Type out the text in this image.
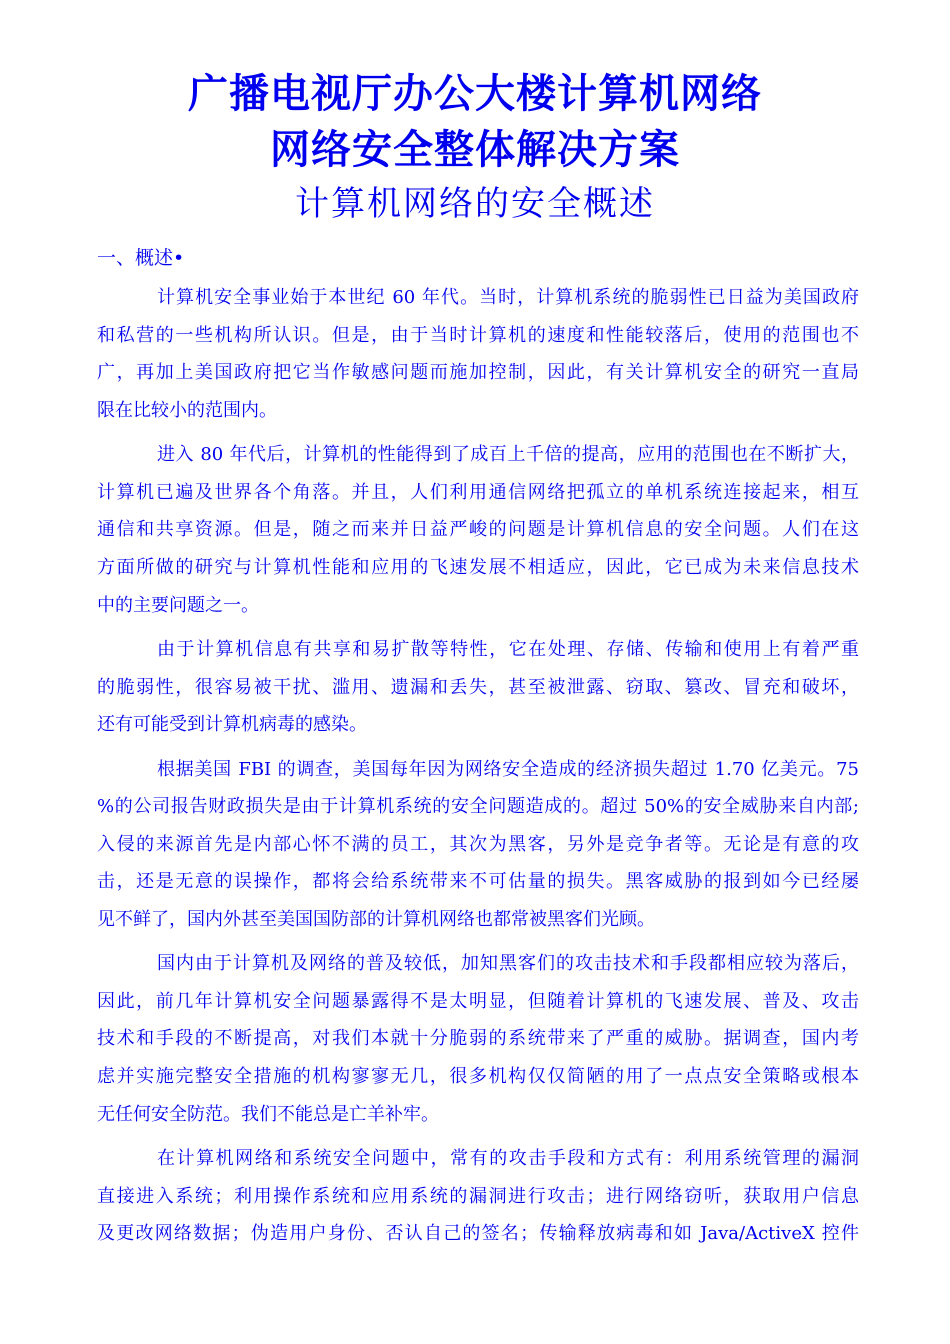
广播电视厅办公大楼计算机网络
网络安全整体解决方案
计算机网络的安全概述
一、概述•
计算机安全事业始于本世纪 60 年代。当时，计算机系统的脆弱性已日益为美国政府
和私营的一些机构所认识。但是，由于当时计算机的速度和性能较落后，使用的范围也不
广，再加上美国政府把它当作敏感问题而施加控制，因此，有关计算机安全的研究一直局
限在比较小的范围内。
进入 80 年代后，计算机的性能得到了成百上千倍的提高，应用的范围也在不断扩大，
计算机已遍及世界各个角落。并且，人们利用通信网络把孤立的单机系统连接起来，相互
通信和共享资源。但是，随之而来并日益严峻的问题是计算机信息的安全问题。人们在这
方面所做的研究与计算机性能和应用的飞速发展不相适应，因此，它已成为未来信息技术
中的主要问题之一。
由于计算机信息有共享和易扩散等特性，它在处理、存储、传输和使用上有着严重
的脆弱性，很容易被干扰、滥用、遗漏和丢失，甚至被泄露、窃取、篡改、冒充和破坏，
还有可能受到计算机病毒的感染。
根据美国 FBI 的调查，美国每年因为网络安全造成的经济损失超过 1.70 亿美元。75
%的公司报告财政损失是由于计算机系统的安全问题造成的。超过 50%的安全威胁来自内部;
入侵的来源首先是内部心怀不满的员工，其次为黑客，另外是竞争者等。无论是有意的攻
击，还是无意的误操作，都将会给系统带来不可估量的损失。黑客威胁的报到如今已经屡
见不鲜了，国内外甚至美国国防部的计算机网络也都常被黑客们光顾。
国内由于计算机及网络的普及较低，加知黑客们的攻击技术和手段都相应较为落后，
因此，前几年计算机安全问题暴露得不是太明显，但随着计算机的飞速发展、普及、攻击
技术和手段的不断提高，对我们本就十分脆弱的系统带来了严重的威胁。据调查，国内考
虑并实施完整安全措施的机构寥寥无几，很多机构仅仅简陋的用了一点点安全策略或根本
无任何安全防范。我们不能总是亡羊补牢。
在计算机网络和系统安全问题中，常有的攻击手段和方式有：利用系统管理的漏洞
直接进入系统；利用操作系统和应用系统的漏洞进行攻击；进行网络窃听，获取用户信息
及更改网络数据；伪造用户身份、否认自己的签名；传输释放病毒和如 Java/ActiveX 控件
